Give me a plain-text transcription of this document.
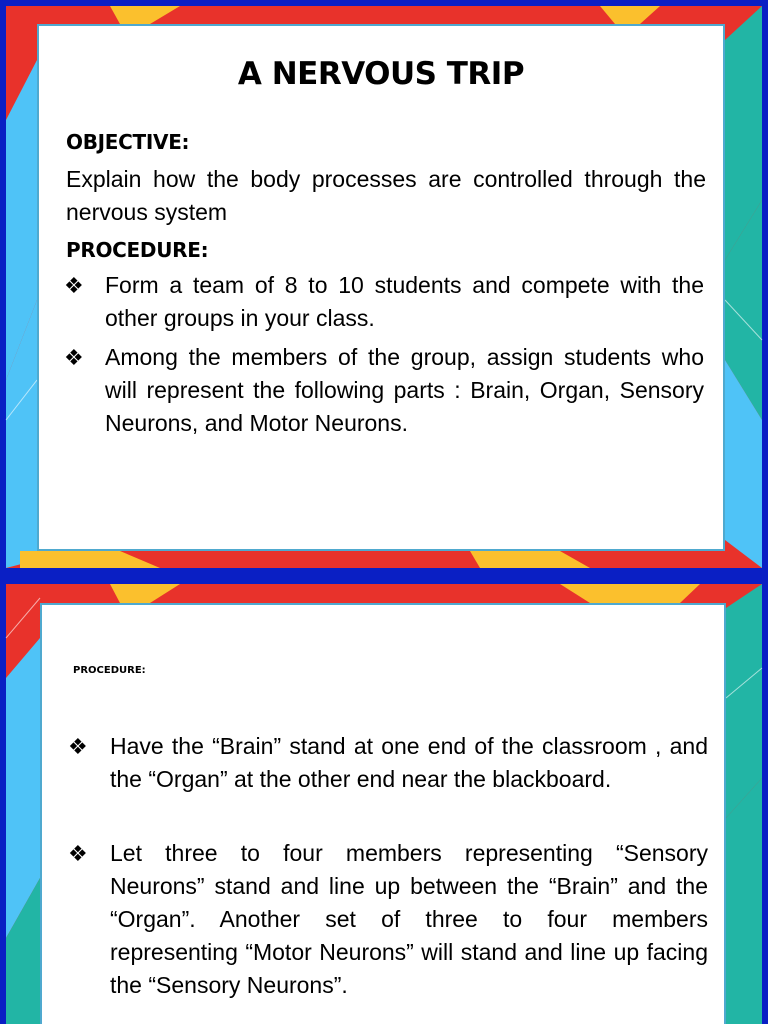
A NERVOUS TRIP
OBJECTIVE:
Explain how the body processes are controlled through the nervous system
PROCEDURE:
❖ Form a team of 8 to 10 students and compete with the other groups in your class.
❖ Among the members of the group, assign students who will represent the following parts : Brain, Organ, Sensory Neurons, and Motor Neurons.
PROCEDURE:
❖ Have the “Brain” stand at one end of the classroom , and the “Organ” at the other end near the blackboard.
❖ Let three to four members representing “Sensory Neurons” stand and line up between the “Brain” and the “Organ”. Another set of three to four members representing “Motor Neurons” will stand and line up facing the “Sensory Neurons”.
